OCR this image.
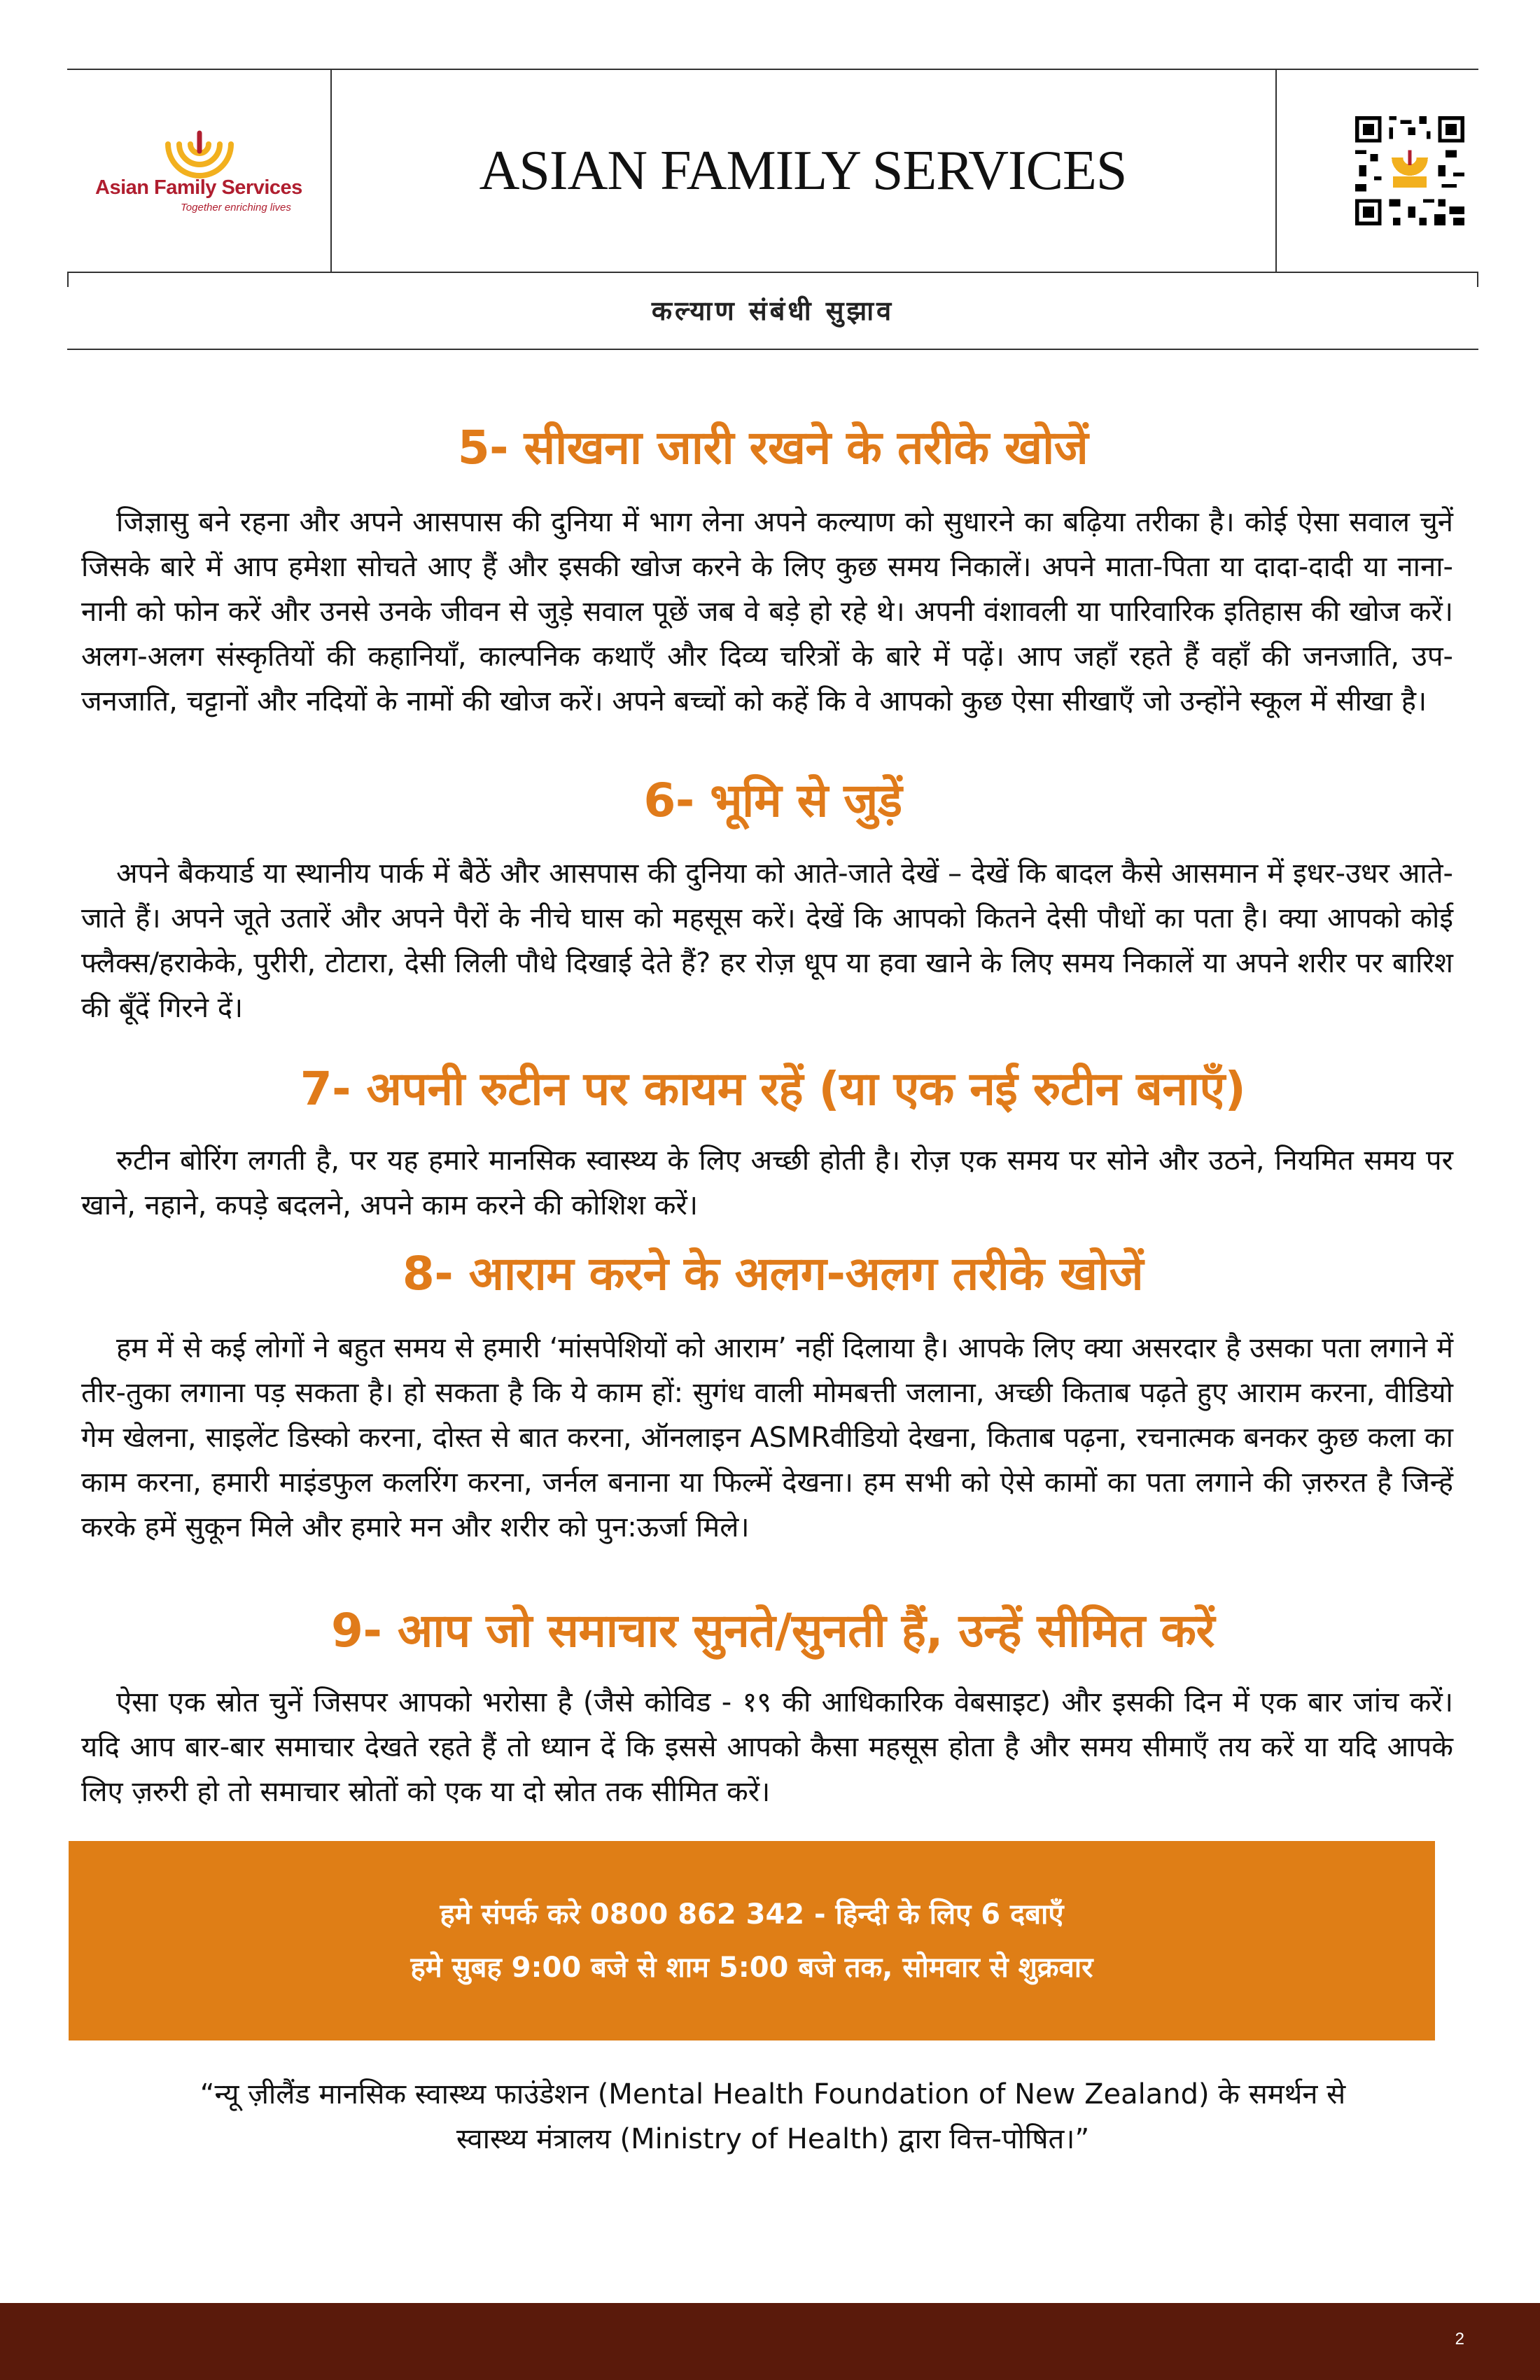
Asian Family Services
Together enriching lives
ASIAN FAMILY SERVICES
कल्याण संबंधी सुझाव
5- सीखना जारी रखने के तरीके खोजें
जिज्ञासु बने रहना और अपने आसपास की दुनिया में भाग लेना अपने कल्याण को सुधारने का बढ़िया तरीका है। कोई ऐसा सवाल चुनें जिसके बारे में आप हमेशा सोचते आए हैं और इसकी खोज करने के लिए कुछ समय निकालें। अपने माता-पिता या दादा-दादी या नाना-नानी को फोन करें और उनसे उनके जीवन से जुड़े सवाल पूछें जब वे बड़े हो रहे थे। अपनी वंशावली या पारिवारिक इतिहास की खोज करें। अलग-अलग संस्कृतियों की कहानियाँ, काल्पनिक कथाएँ और दिव्य चरित्रों के बारे में पढ़ें। आप जहाँ रहते हैं वहाँ की जनजाति, उप-जनजाति, चट्टानों और नदियों के नामों की खोज करें। अपने बच्चों को कहें कि वे आपको कुछ ऐसा सीखाएँ जो उन्होंने स्कूल में सीखा है।
6- भूमि से जुड़ें
अपने बैकयार्ड या स्थानीय पार्क में बैठें और आसपास की दुनिया को आते-जाते देखें – देखें कि बादल कैसे आसमान में इधर-उधर आते-जाते हैं। अपने जूते उतारें और अपने पैरों के नीचे घास को महसूस करें। देखें कि आपको कितने देसी पौधों का पता है। क्या आपको कोई फ्लैक्स/हराकेके, पुरीरी, टोटारा, देसी लिली पौधे दिखाई देते हैं? हर रोज़ धूप या हवा खाने के लिए समय निकालें या अपने शरीर पर बारिश की बूँदें गिरने दें।
7- अपनी रुटीन पर कायम रहें (या एक नई रुटीन बनाएँ)
रुटीन बोरिंग लगती है, पर यह हमारे मानसिक स्वास्थ्य के लिए अच्छी होती है। रोज़ एक समय पर सोने और उठने, नियमित समय पर खाने, नहाने, कपड़े बदलने, अपने काम करने की कोशिश करें।
8- आराम करने के अलग-अलग तरीके खोजें
हम में से कई लोगों ने बहुत समय से हमारी ‘मांसपेशियों को आराम’ नहीं दिलाया है। आपके लिए क्या असरदार है उसका पता लगाने में तीर-तुका लगाना पड़ सकता है। हो सकता है कि ये काम हों: सुगंध वाली मोमबत्ती जलाना, अच्छी किताब पढ़ते हुए आराम करना, वीडियो गेम खेलना, साइलेंट डिस्को करना, दोस्त से बात करना, ऑनलाइन ASMRवीडियो देखना, किताब पढ़ना, रचनात्मक बनकर कुछ कला का काम करना, हमारी माइंडफुल कलरिंग करना, जर्नल बनाना या फिल्में देखना। हम सभी को ऐसे कामों का पता लगाने की ज़रुरत है जिन्हें करके हमें सुकून मिले और हमारे मन और शरीर को पुन:ऊर्जा मिले।
9- आप जो समाचार सुनते/सुनती हैं, उन्हें सीमित करें
ऐसा एक स्रोत चुनें जिसपर आपको भरोसा है (जैसे कोविड - १९ की आधिकारिक वेबसाइट) और इसकी दिन में एक बार जांच करें। यदि आप बार-बार समाचार देखते रहते हैं तो ध्यान दें कि इससे आपको कैसा महसूस होता है और समय सीमाएँ तय करें या यदि आपके लिए ज़रुरी हो तो समाचार स्रोतों को एक या दो स्रोत तक सीमित करें।
हमे संपर्क करे 0800 862 342 - हिन्दी के लिए 6 दबाएँ
हमे सुबह 9:00 बजे से शाम 5:00 बजे तक, सोमवार से शुक्रवार
“न्यू ज़ीलैंड मानसिक स्वास्थ्य फाउंडेशन (Mental Health Foundation of New Zealand) के समर्थन से
स्वास्थ्य मंत्रालय (Ministry of Health) द्वारा वित्त-पोषित।”
2
